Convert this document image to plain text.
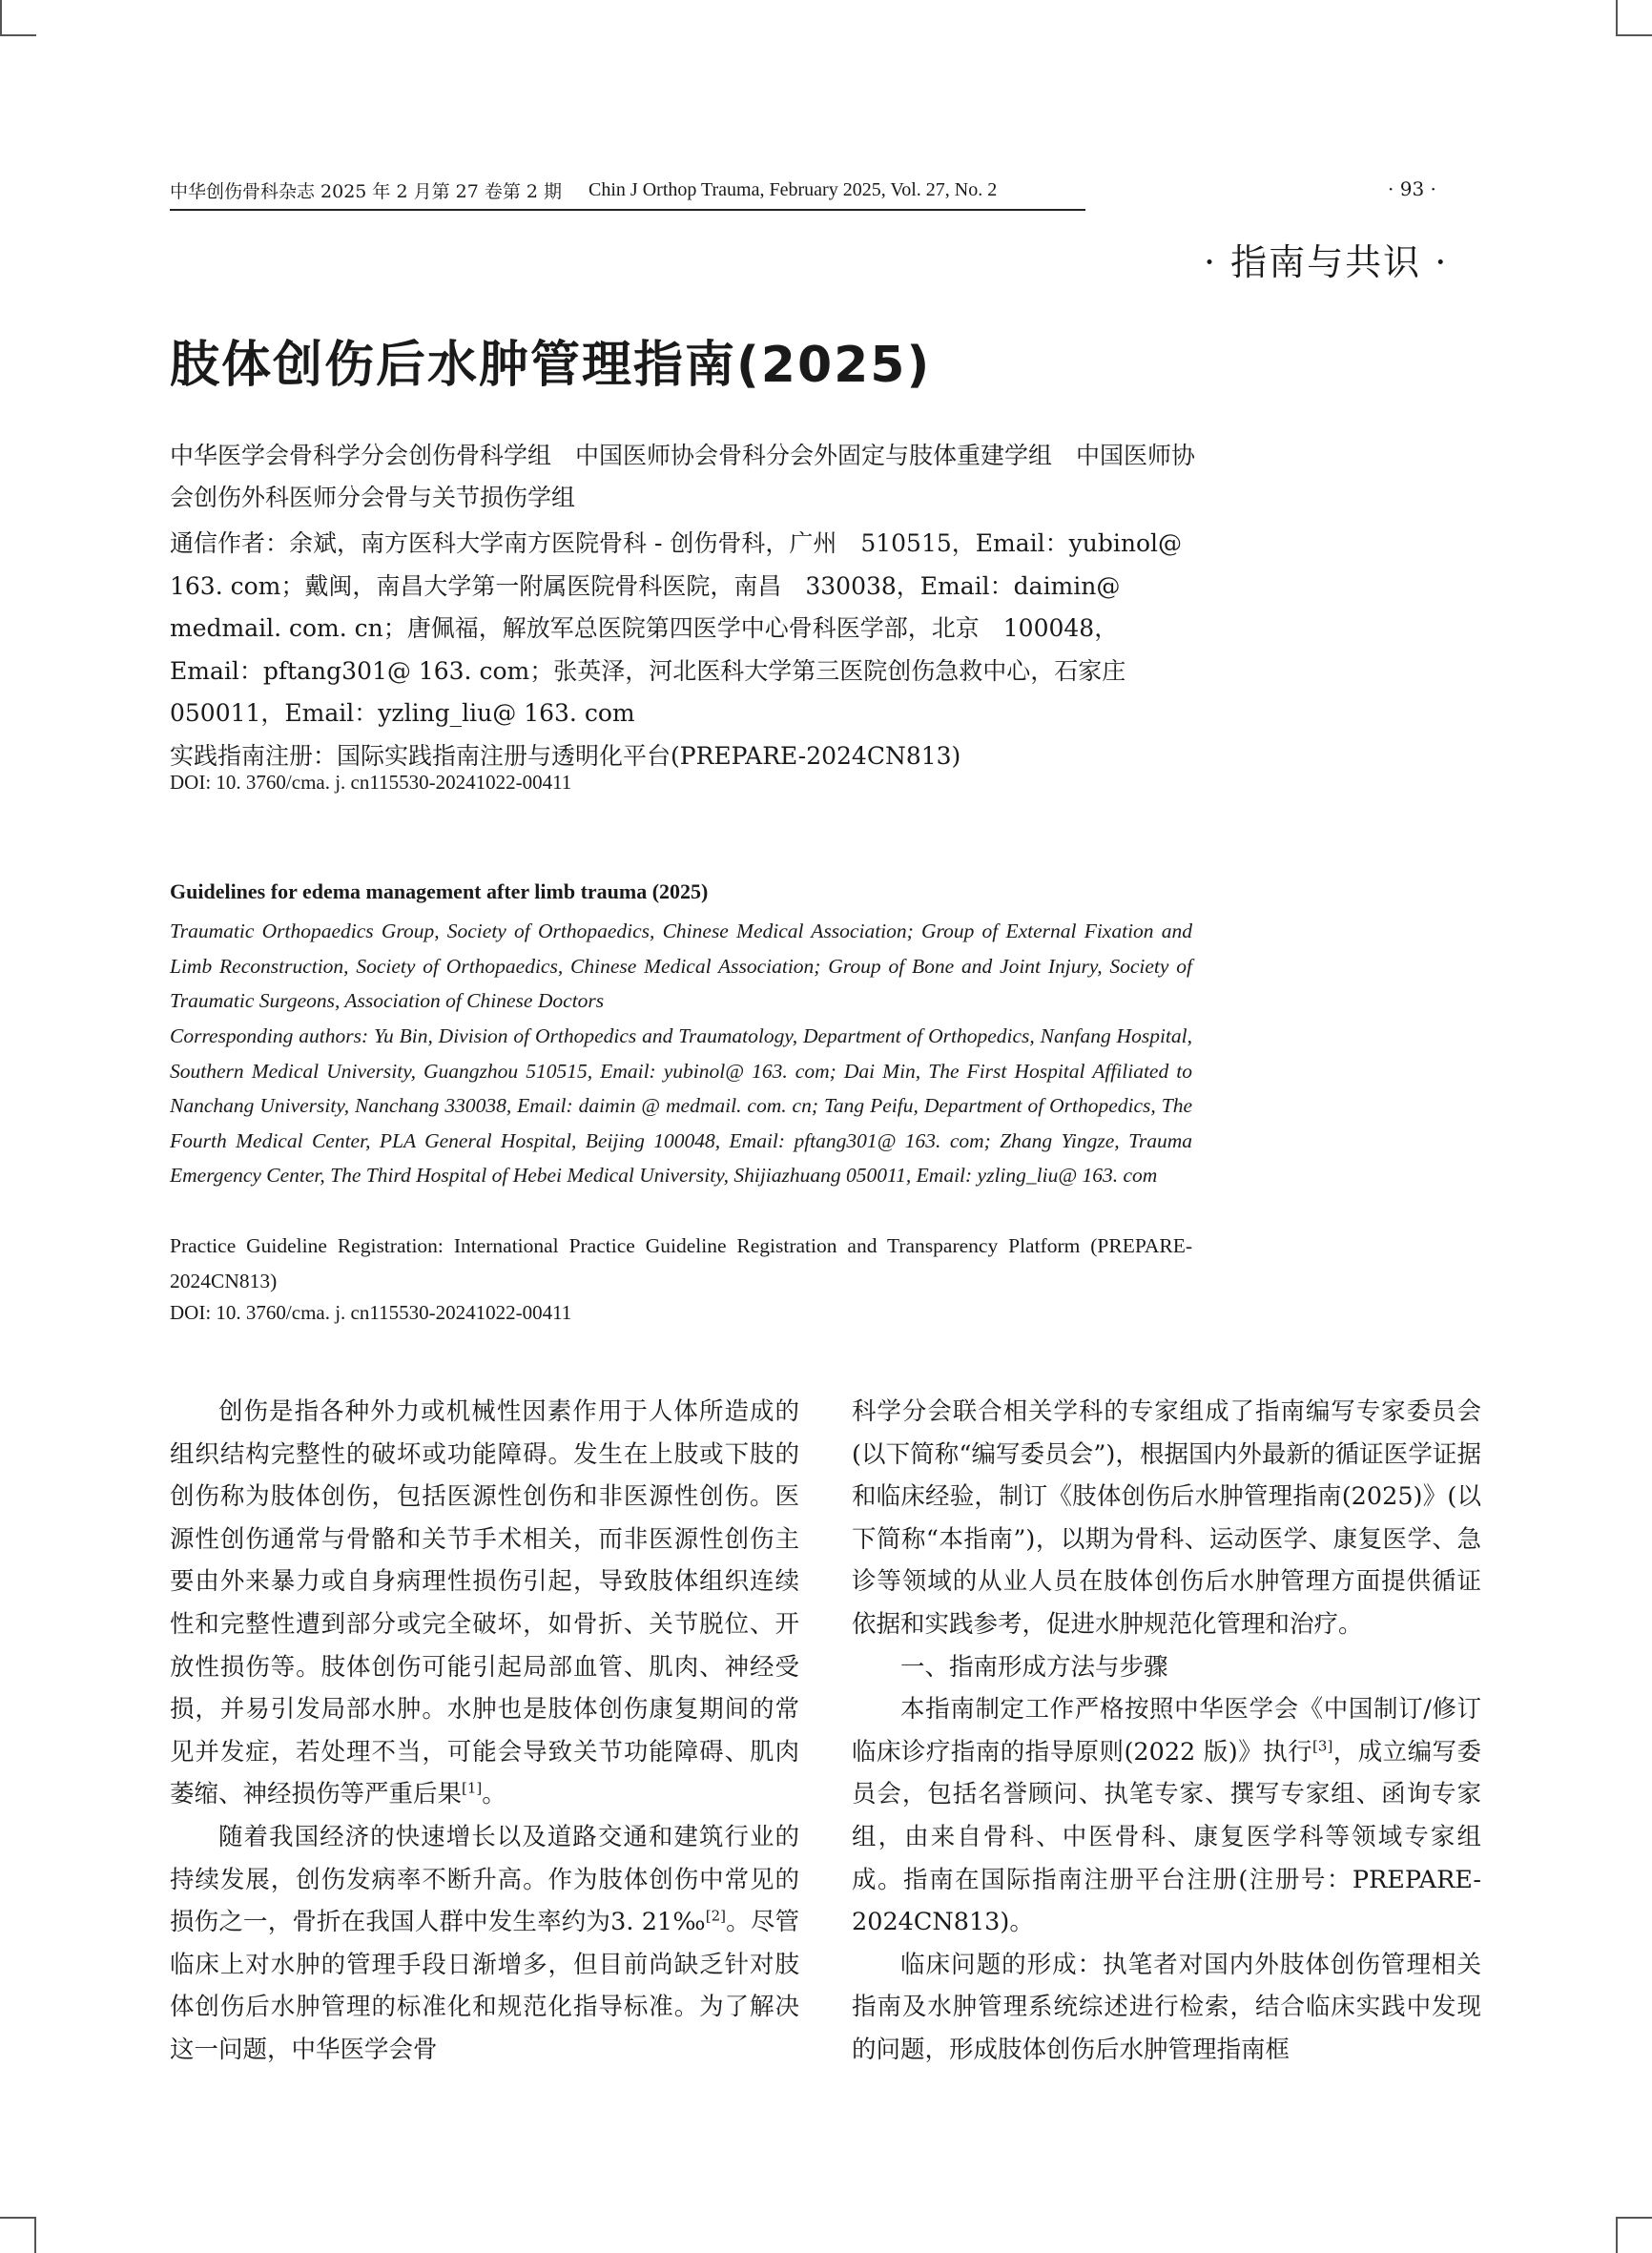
中华创伤骨科杂志 2025 年 2 月第 27 卷第 2 期 Chin J Orthop Trauma, February 2025, Vol. 27, No. 2	· 93 ·
· 指南与共识 ·
肢体创伤后水肿管理指南(2025)
中华医学会骨科学分会创伤骨科学组　中国医师协会骨科分会外固定与肢体重建学组　中国医师协会创伤外科医师分会骨与关节损伤学组
通信作者：余斌，南方医科大学南方医院骨科 - 创伤骨科，广州　510515，Email：yubinol@ 163. com；戴闽，南昌大学第一附属医院骨科医院，南昌　330038，Email：daimin@ medmail. com. cn；唐佩福，解放军总医院第四医学中心骨科医学部，北京　100048，Email：pftang301@ 163. com；张英泽，河北医科大学第三医院创伤急救中心，石家庄　050011，Email：yzling_liu@ 163. com
实践指南注册：国际实践指南注册与透明化平台(PREPARE-2024CN813)
DOI: 10. 3760/cma. j. cn115530-20241022-00411
Guidelines for edema management after limb trauma (2025)
Traumatic Orthopaedics Group, Society of Orthopaedics, Chinese Medical Association; Group of External Fixation and Limb Reconstruction, Society of Orthopaedics, Chinese Medical Association; Group of Bone and Joint Injury, Society of Traumatic Surgeons, Association of Chinese Doctors
Corresponding authors: Yu Bin, Division of Orthopedics and Traumatology, Department of Orthopedics, Nanfang Hospital, Southern Medical University, Guangzhou 510515, Email: yubinol@ 163. com; Dai Min, The First Hospital Affiliated to Nanchang University, Nanchang 330038, Email: daimin @ medmail. com. cn; Tang Peifu, Department of Orthopedics, The Fourth Medical Center, PLA General Hospital, Beijing 100048, Email: pftang301@ 163. com; Zhang Yingze, Trauma Emergency Center, The Third Hospital of Hebei Medical University, Shijiazhuang 050011, Email: yzling_liu@ 163. com
Practice Guideline Registration: International Practice Guideline Registration and Transparency Platform (PREPARE-2024CN813)
DOI: 10. 3760/cma. j. cn115530-20241022-00411

创伤是指各种外力或机械性因素作用于人体所造成的组织结构完整性的破坏或功能障碍。发生在上肢或下肢的创伤称为肢体创伤，包括医源性创伤和非医源性创伤。医源性创伤通常与骨骼和关节手术相关，而非医源性创伤主要由外来暴力或自身病理性损伤引起，导致肢体组织连续性和完整性遭到部分或完全破坏，如骨折、关节脱位、开放性损伤等。肢体创伤可能引起局部血管、肌肉、神经受损，并易引发局部水肿。水肿也是肢体创伤康复期间的常见并发症，若处理不当，可能会导致关节功能障碍、肌肉萎缩、神经损伤等严重后果[1]。

随着我国经济的快速增长以及道路交通和建筑行业的持续发展，创伤发病率不断升高。作为肢体创伤中常见的损伤之一，骨折在我国人群中发生率约为3. 21‰[2]。尽管临床上对水肿的管理手段日渐增多，但目前尚缺乏针对肢体创伤后水肿管理的标准化和规范化指导标准。为了解决这一问题，中华医学会骨

科学分会联合相关学科的专家组成了指南编写专家委员会(以下简称“编写委员会”)，根据国内外最新的循证医学证据和临床经验，制订《肢体创伤后水肿管理指南(2025)》(以下简称“本指南”)，以期为骨科、运动医学、康复医学、急诊等领域的从业人员在肢体创伤后水肿管理方面提供循证依据和实践参考，促进水肿规范化管理和治疗。

一、指南形成方法与步骤

本指南制定工作严格按照中华医学会《中国制订/修订临床诊疗指南的指导原则(2022 版)》执行[3]，成立编写委员会，包括名誉顾问、执笔专家、撰写专家组、函询专家组，由来自骨科、中医骨科、康复医学科等领域专家组成。指南在国际指南注册平台注册(注册号：PREPARE-2024CN813)。

临床问题的形成：执笔者对国内外肢体创伤管理相关指南及水肿管理系统综述进行检索，结合临床实践中发现的问题，形成肢体创伤后水肿管理指南框
